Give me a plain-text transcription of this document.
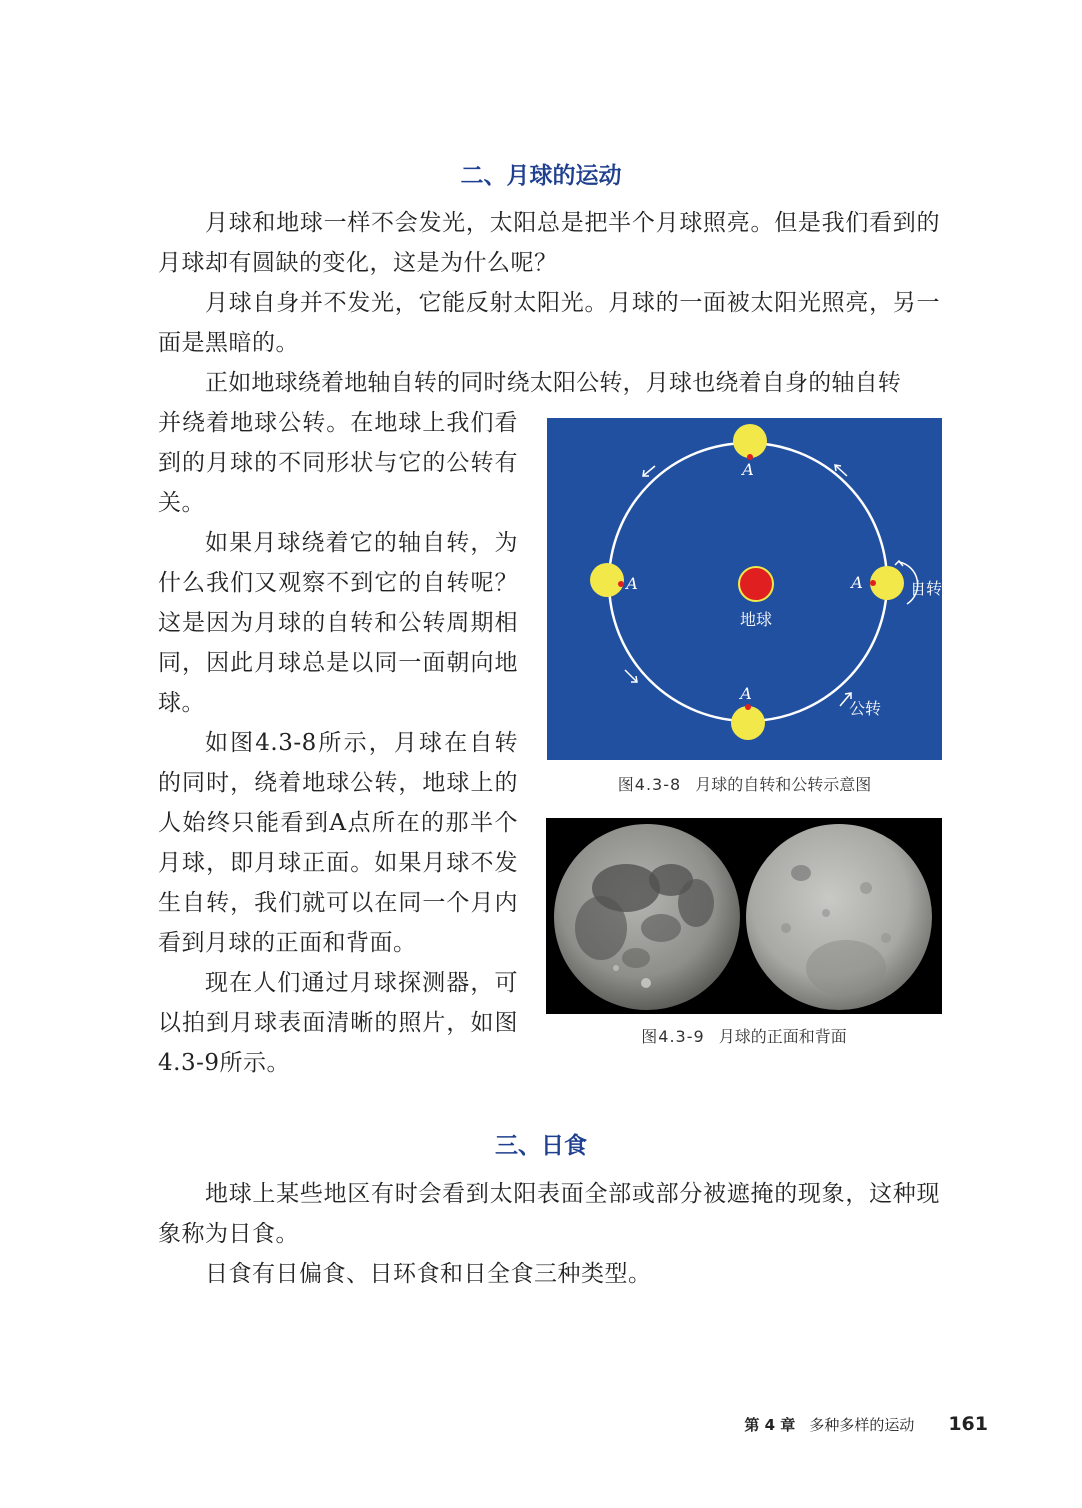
二、月球的运动

月球和地球一样不会发光，太阳总是把半个月球照亮。但是我们看到的月球却有圆缺的变化，这是为什么呢？

月球自身并不发光，它能反射太阳光。月球的一面被太阳光照亮，另一面是黑暗的。

正如地球绕着地轴自转的同时绕太阳公转，月球也绕着自身的轴自转

并绕着地球公转。在地球上我们看到的月球的不同形状与它的公转有关。

如果月球绕着它的轴自转，为什么我们又观察不到它的自转呢？这是因为月球的自转和公转周期相同，因此月球总是以同一面朝向地球。

如图4.3-8所示，月球在自转的同时，绕着地球公转，地球上的人始终只能看到A点所在的那半个月球，即月球正面。如果月球不发生自转，我们就可以在同一个月内看到月球的正面和背面。

现在人们通过月球探测器，可以拍到月球表面清晰的照片，如图4.3-9所示。

地球
A
A	A	自转
A
公转
图4.3-8 月球的自转和公转示意图
图4.3-9 月球的正面和背面
三、日食

地球上某些地区有时会看到太阳表面全部或部分被遮掩的现象，这种现象称为日食。

日食有日偏食、日环食和日全食三种类型。

第 4 章 多种多样的运动 161
